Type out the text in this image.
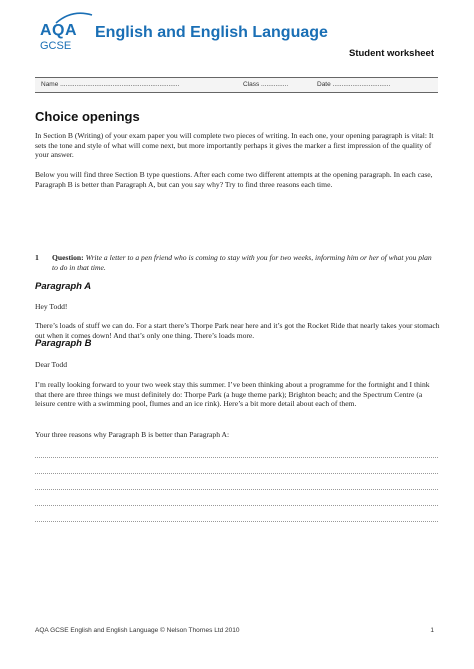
AQA
GCSE
English and English Language
Student worksheet
Name ..................................................................	Class ...............	Date ................................
Choice openings

In Section B (Writing) of your exam paper you will complete two pieces of writing. In each one, your opening paragraph is vital: It sets the tone and style of what will come next, but more importantly perhaps it gives the marker a first impression of the quality of your answer.

Below you will find three Section B type questions. After each come two different attempts at the opening paragraph. In each case, Paragraph B is better than Paragraph A, but can you say why? Try to find three reasons each time.

1 Question: Write a letter to a pen friend who is coming to stay with you for two weeks, informing him or her of what you plan to do in that time.
Paragraph A
Hey Todd!
There’s loads of stuff we can do. For a start there’s Thorpe Park near here and it’s got the Rocket Ride that nearly takes your stomach out when it comes down! And that’s only one thing. There’s loads more.
Paragraph B
Dear Todd
I’m really looking forward to your two week stay this summer. I’ve been thinking about a programme for the fortnight and I think that there are three things we must definitely do: Thorpe Park (a huge theme park); Brighton beach; and the Spectrum Centre (a leisure centre with a swimming pool, flumes and an ice rink). Here’s a bit more detail about each of them.
Your three reasons why Paragraph B is better than Paragraph A:
AQA GCSE English and English Language © Nelson Thornes Ltd 2010	1
